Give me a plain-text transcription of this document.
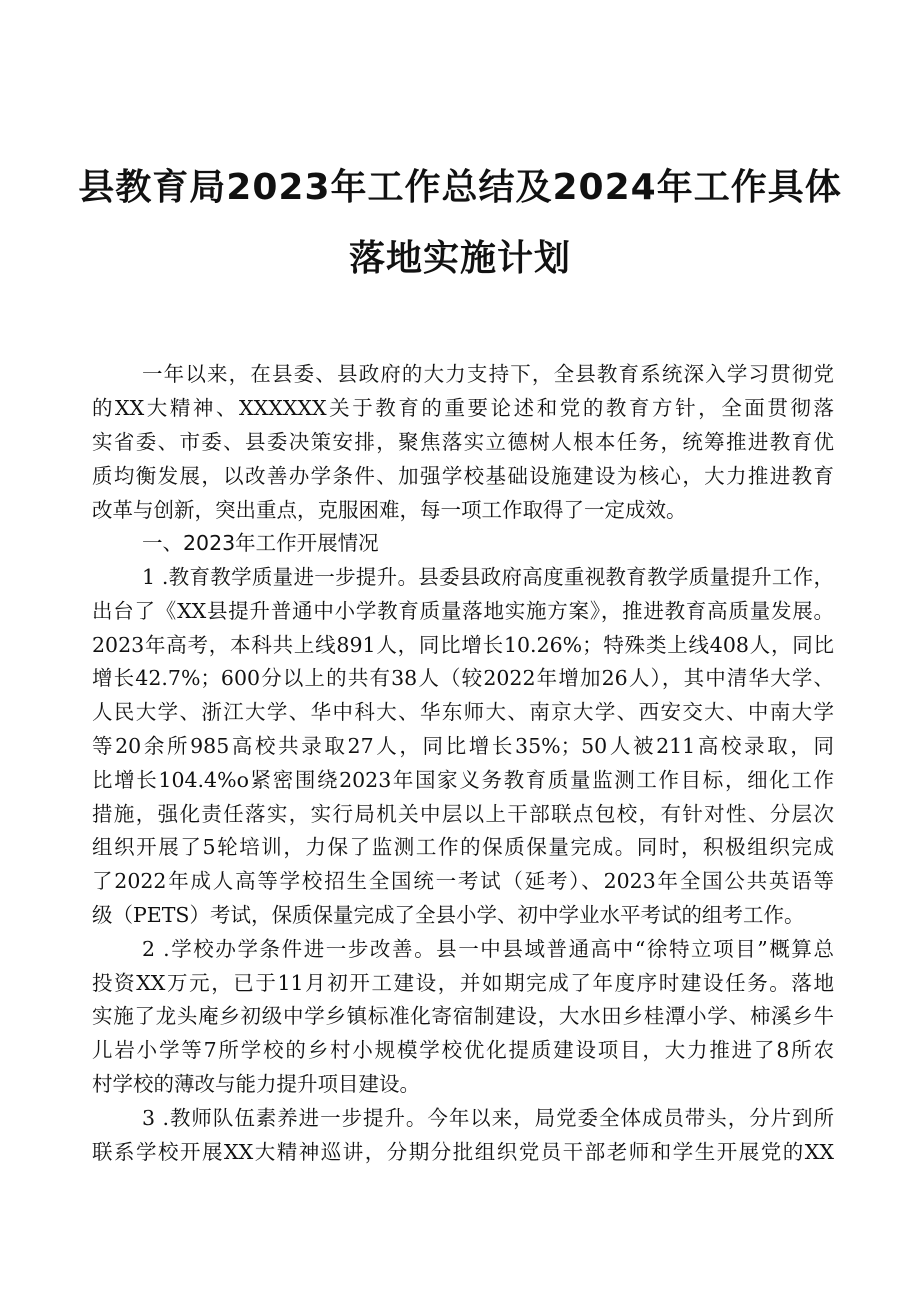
县教育局2023年工作总结及2024年工作具体
落地实施计划
一年以来，在县委、县政府的大力支持下，全县教育系统深入学习贯彻党
的XX大精神、XXXXXX关于教育的重要论述和党的教育方针，全面贯彻落
实省委、市委、县委决策安排，聚焦落实立德树人根本任务，统筹推进教育优
质均衡发展，以改善办学条件、加强学校基础设施建设为核心，大力推进教育
改革与创新，突出重点，克服困难，每一项工作取得了一定成效。
一、2023年工作开展情况
1 .教育教学质量进一步提升。县委县政府高度重视教育教学质量提升工作，
出台了《XX县提升普通中小学教育质量落地实施方案》，推进教育高质量发展。
2023年高考，本科共上线891人，同比增长10.26%；特殊类上线408人，同比
增长42.7%；600分以上的共有38人（较2022年增加26人），其中清华大学、
人民大学、浙江大学、华中科大、华东师大、南京大学、西安交大、中南大学
等20余所985高校共录取27人，同比增长35%；50人被211高校录取，同
比增长104.4%o紧密围绕2023年国家义务教育质量监测工作目标，细化工作
措施，强化责任落实，实行局机关中层以上干部联点包校，有针对性、分层次
组织开展了5轮培训，力保了监测工作的保质保量完成。同时，积极组织完成
了2022年成人高等学校招生全国统一考试（延考）、2023年全国公共英语等
级（PETS）考试，保质保量完成了全县小学、初中学业水平考试的组考工作。
2 .学校办学条件进一步改善。县一中县域普通高中“徐特立项目”概算总
投资XX万元，已于11月初开工建设，并如期完成了年度序时建设任务。落地
实施了龙头庵乡初级中学乡镇标准化寄宿制建设，大水田乡桂潭小学、柿溪乡牛
儿岩小学等7所学校的乡村小规模学校优化提质建设项目，大力推进了8所农
村学校的薄改与能力提升项目建设。
3 .教师队伍素养进一步提升。今年以来，局党委全体成员带头，分片到所
联系学校开展XX大精神巡讲，分期分批组织党员干部老师和学生开展党的XX
